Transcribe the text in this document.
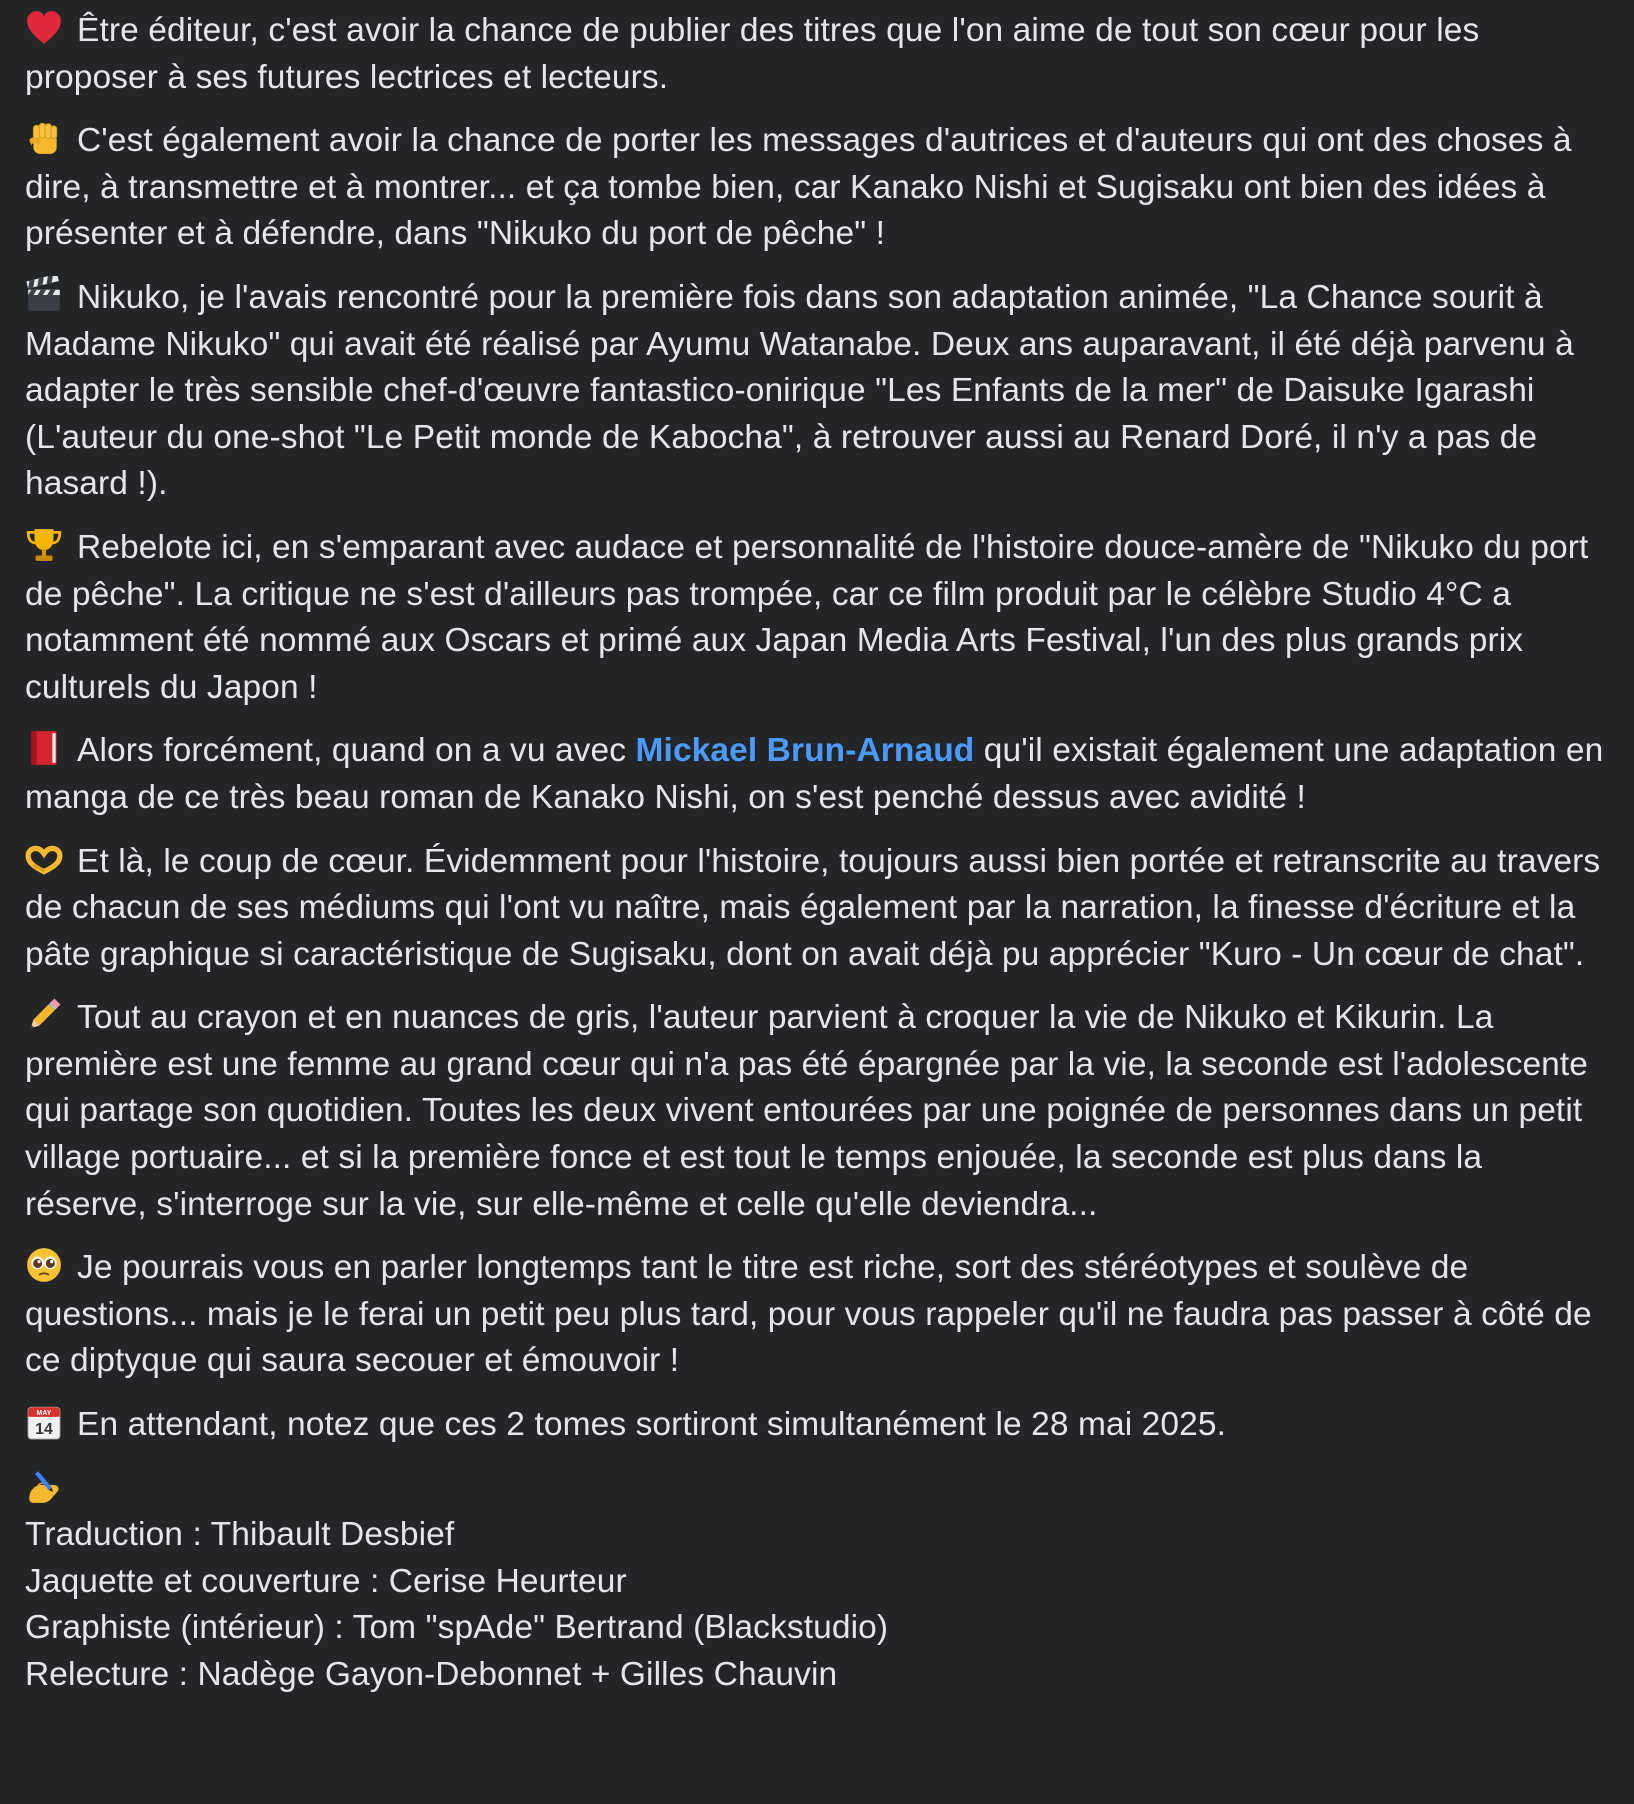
Être éditeur, c'est avoir la chance de publier des titres que l'on aime de tout son cœur pour les proposer à ses futures lectrices et lecteurs.

C'est également avoir la chance de porter les messages d'autrices et d'auteurs qui ont des choses à dire, à transmettre et à montrer... et ça tombe bien, car Kanako Nishi et Sugisaku ont bien des idées à présenter et à défendre, dans "Nikuko du port de pêche" !

Nikuko, je l'avais rencontré pour la première fois dans son adaptation animée, "La Chance sourit à Madame Nikuko" qui avait été réalisé par Ayumu Watanabe. Deux ans auparavant, il été déjà parvenu à adapter le très sensible chef-d'œuvre fantastico-onirique "Les Enfants de la mer" de Daisuke Igarashi (L'auteur du one-shot "Le Petit monde de Kabocha", à retrouver aussi au Renard Doré, il n'y a pas de hasard !).

Rebelote ici, en s'emparant avec audace et personnalité de l'histoire douce-amère de "Nikuko du port de pêche". La critique ne s'est d'ailleurs pas trompée, car ce film produit par le célèbre Studio 4°C a notamment été nommé aux Oscars et primé aux Japan Media Arts Festival, l'un des plus grands prix culturels du Japon !

Alors forcément, quand on a vu avec Mickael Brun-Arnaud qu'il existait également une adaptation en manga de ce très beau roman de Kanako Nishi, on s'est penché dessus avec avidité !

Et là, le coup de cœur. Évidemment pour l'histoire, toujours aussi bien portée et retranscrite au travers de chacun de ses médiums qui l'ont vu naître, mais également par la narration, la finesse d'écriture et la pâte graphique si caractéristique de Sugisaku, dont on avait déjà pu apprécier "Kuro - Un cœur de chat".

Tout au crayon et en nuances de gris, l'auteur parvient à croquer la vie de Nikuko et Kikurin. La première est une femme au grand cœur qui n'a pas été épargnée par la vie, la seconde est l'adolescente qui partage son quotidien. Toutes les deux vivent entourées par une poignée de personnes dans un petit village portuaire... et si la première fonce et est tout le temps enjouée, la seconde est plus dans la réserve, s'interroge sur la vie, sur elle-même et celle qu'elle deviendra...

Je pourrais vous en parler longtemps tant le titre est riche, sort des stéréotypes et soulève de questions... mais je le ferai un petit peu plus tard, pour vous rappeler qu'il ne faudra pas passer à côté de ce diptyque qui saura secouer et émouvoir !

MAY
14 En attendant, notez que ces 2 tomes sortiront simultanément le 28 mai 2025.

Traduction : Thibault Desbief
Jaquette et couverture : Cerise Heurteur
Graphiste (intérieur) : Tom "spAde" Bertrand (Blackstudio)
Relecture : Nadège Gayon-Debonnet + Gilles Chauvin
